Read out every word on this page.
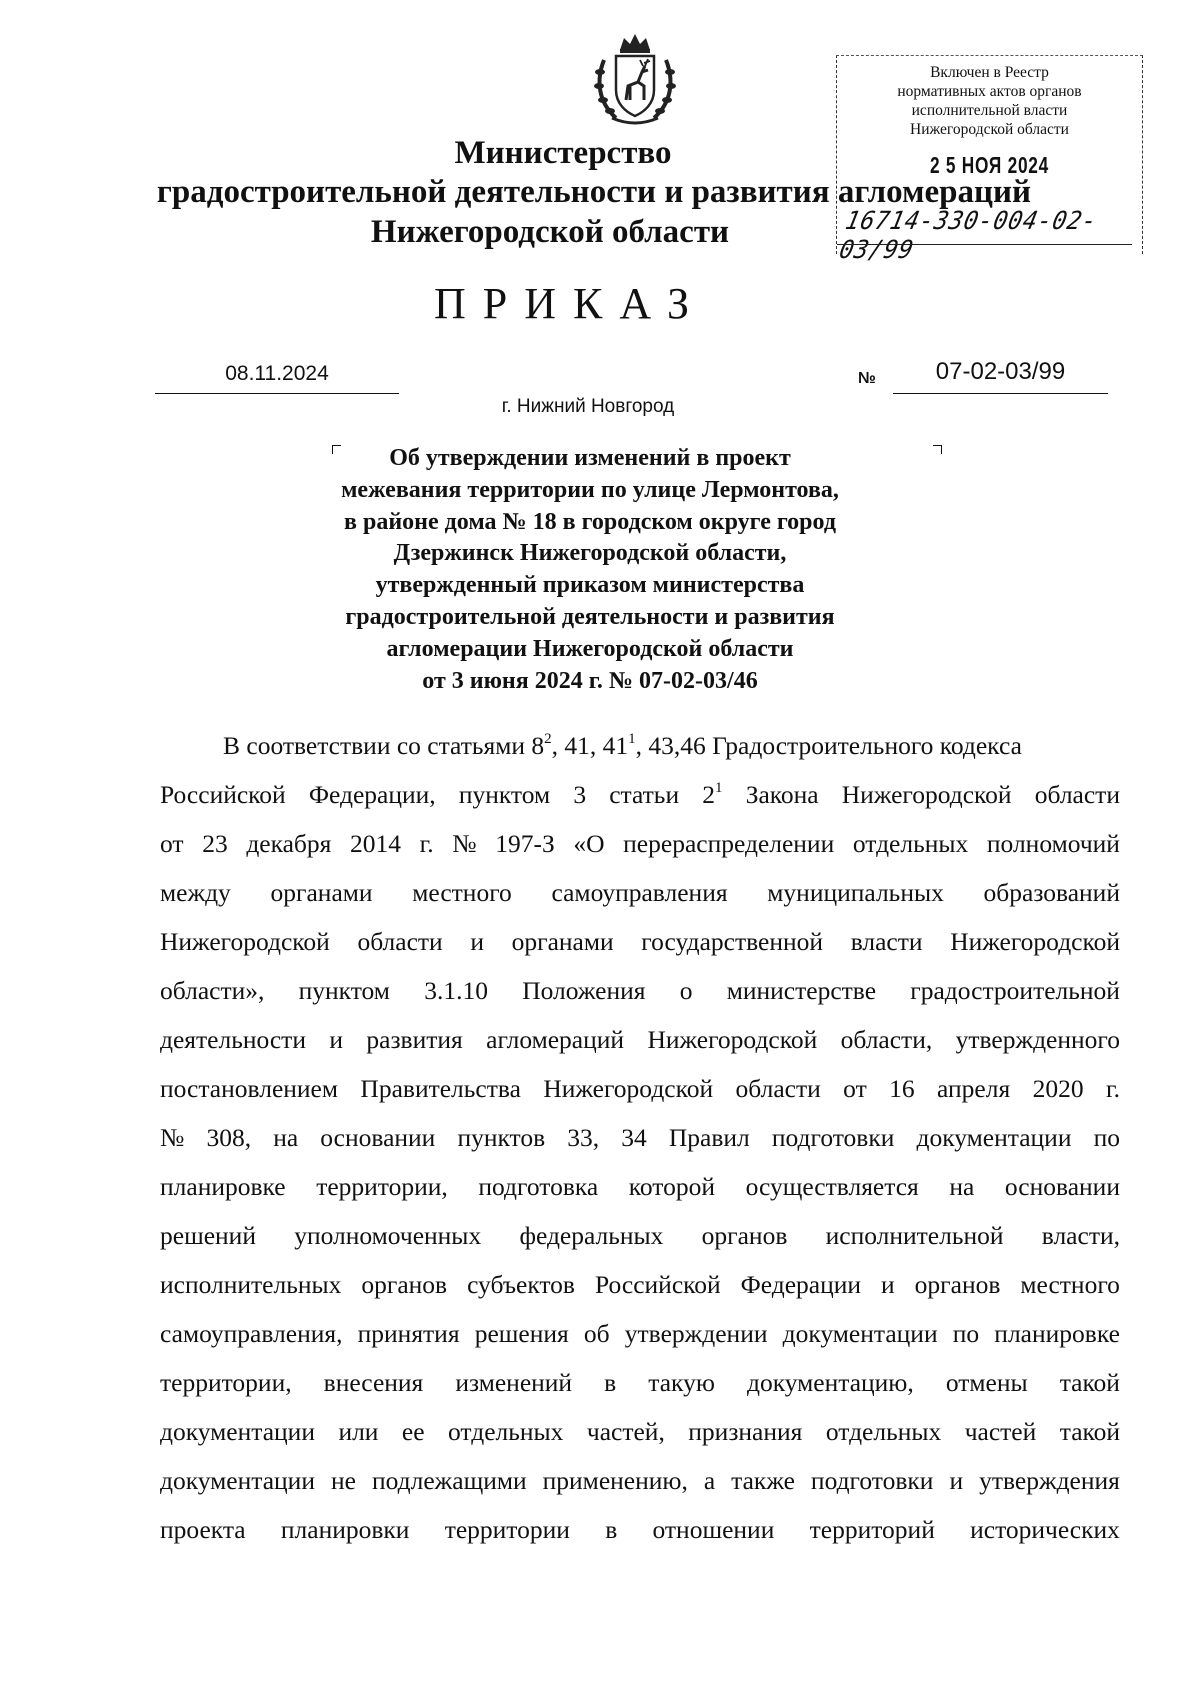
Министерство
градостроительной деятельности и развития агломераций
Нижегородской области
Включен в Реестр
нормативных актов органов
исполнительной власти
Нижегородской области
2 5 НОЯ 2024
16714-330-004-02-03/99
ПРИКАЗ
08.11.2024	№	07-02-03/99
г. Нижний Новгород
Об утверждении изменений в проект
межевания территории по улице Лермонтова,
в районе дома № 18 в городском округе город
Дзержинск Нижегородской области,
утвержденный приказом министерства
градостроительной деятельности и развития
агломерации Нижегородской области
от 3 июня 2024 г. № 07-02-03/46
В соответствии со статьями $8^2$, 41, $41^1$, 43,46 Градостроительного кодекса
Российской Федерации, пунктом 3 статьи $2^1$ Закона Нижегородской области
от 23 декабря 2014 г. № 197-З «О перераспределении отдельных полномочий
между органами местного самоуправления муниципальных образований
Нижегородской области и органами государственной власти Нижегородской
области», пунктом 3.1.10 Положения о министерстве градостроительной
деятельности и развития агломераций Нижегородской области, утвержденного
постановлением Правительства Нижегородской области от 16 апреля 2020 г.
№ 308, на основании пунктов 33, 34 Правил подготовки документации по
планировке территории, подготовка которой осуществляется на основании
решений уполномоченных федеральных органов исполнительной власти,
исполнительных органов субъектов Российской Федерации и органов местного
самоуправления, принятия решения об утверждении документации по планировке
территории, внесения изменений в такую документацию, отмены такой
документации или ее отдельных частей, признания отдельных частей такой
документации не подлежащими применению, а также подготовки и утверждения
проекта планировки территории в отношении территорий исторических
